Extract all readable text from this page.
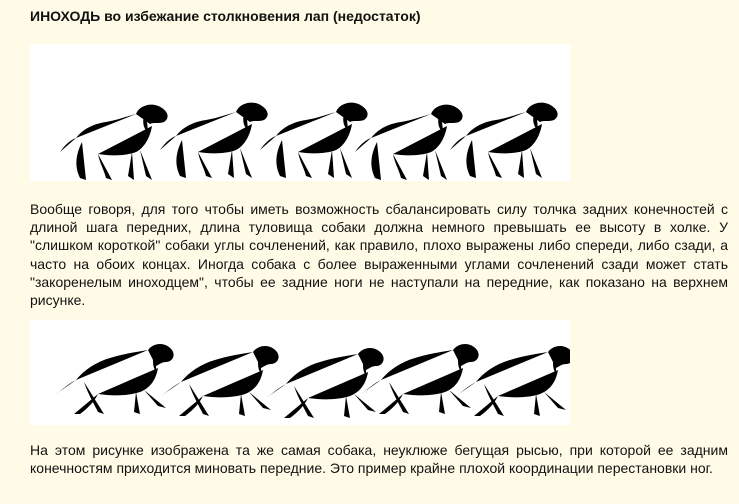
ИНОХОДЬ во избежание столкновения лап (недостаток)

Вообще говоря, для того чтобы иметь возможность сбалансировать силу толчка задних конечностей с длиной шага передних, длина туловища собаки должна немного превышать ее высоту в холке. У "слишком короткой" собаки углы сочленений, как правило, плохо выражены либо спереди, либо сзади, а часто на обоих концах. Иногда собака с более выраженными углами сочленений сзади может стать "закоренелым иноходцем", чтобы ее задние ноги не наступали на передние, как показано на верхнем рисунке.

На этом рисунке изображена та же самая собака, неуклюже бегущая рысью, при которой ее задним конечностям приходится миновать передние. Это пример крайне плохой координации перестановки ног.
